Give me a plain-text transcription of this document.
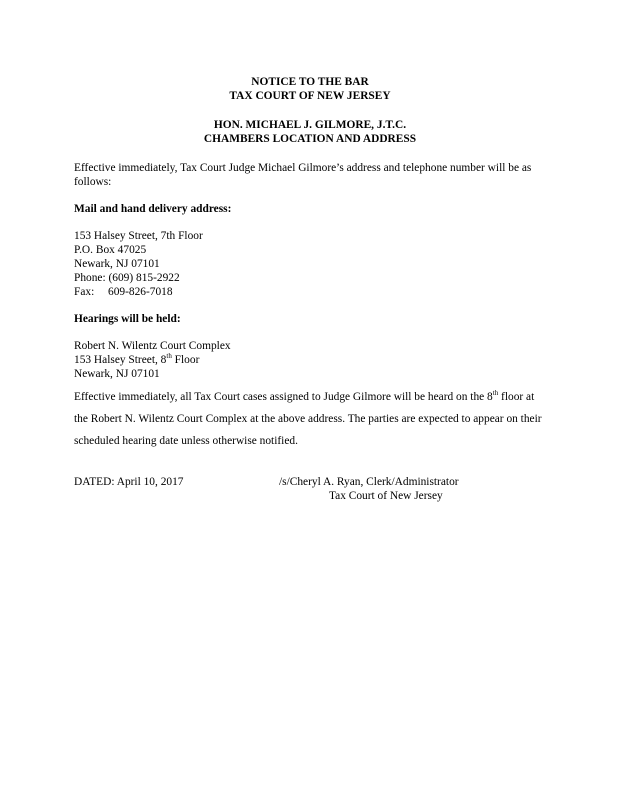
NOTICE TO THE BAR
TAX COURT OF NEW JERSEY
HON. MICHAEL J. GILMORE, J.T.C.
CHAMBERS LOCATION AND ADDRESS
Effective immediately, Tax Court Judge Michael Gilmore’s address and telephone number will be as follows:
Mail and hand delivery address:
153 Halsey Street, 7th Floor
P.O. Box 47025
Newark, NJ 07101
Phone: (609) 815-2922
Fax: 609-826-7018
Hearings will be held:
Robert N. Wilentz Court Complex
153 Halsey Street, 8th Floor
Newark, NJ 07101
Effective immediately, all Tax Court cases assigned to Judge Gilmore will be heard on the 8th floor at the Robert N. Wilentz Court Complex at the above address. The parties are expected to appear on their scheduled hearing date unless otherwise notified.
DATED: April 10, 2017	/s/Cheryl A. Ryan, Clerk/Administrator
Tax Court of New Jersey
